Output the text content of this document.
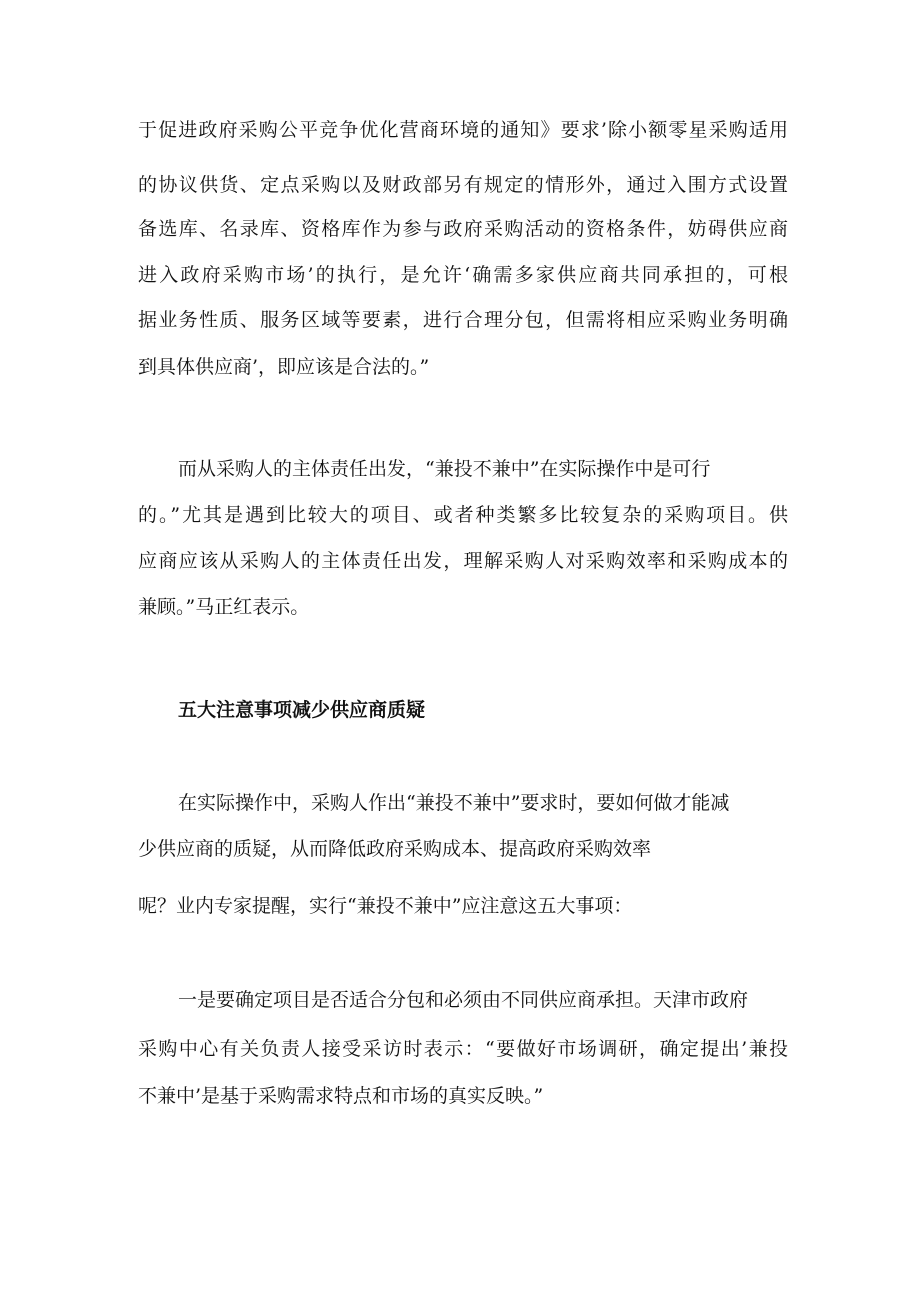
于促进政府采购公平竞争优化营商环境的通知》要求’除小额零星采购适用
的协议供货、定点采购以及财政部另有规定的情形外，通过入围方式设置
备选库、名录库、资格库作为参与政府采购活动的资格条件，妨碍供应商
进入政府采购市场’的执行，是允许‘确需多家供应商共同承担的，可根
据业务性质、服务区域等要素，进行合理分包，但需将相应采购业务明确
到具体供应商’，即应该是合法的。”
而从采购人的主体责任出发，“兼投不兼中”在实际操作中是可行
的。”尤其是遇到比较大的项目、或者种类繁多比较复杂的采购项目。供
应商应该从采购人的主体责任出发，理解采购人对采购效率和采购成本的
兼顾。”马正红表示。
五大注意事项减少供应商质疑
在实际操作中，采购人作出“兼投不兼中”要求时，要如何做才能减
少供应商的质疑，从而降低政府采购成本、提高政府采购效率
呢？业内专家提醒，实行“兼投不兼中”应注意这五大事项：
一是要确定项目是否适合分包和必须由不同供应商承担。天津市政府
采购中心有关负责人接受采访时表示：“要做好市场调研，确定提出’兼投
不兼中’是基于采购需求特点和市场的真实反映。”
